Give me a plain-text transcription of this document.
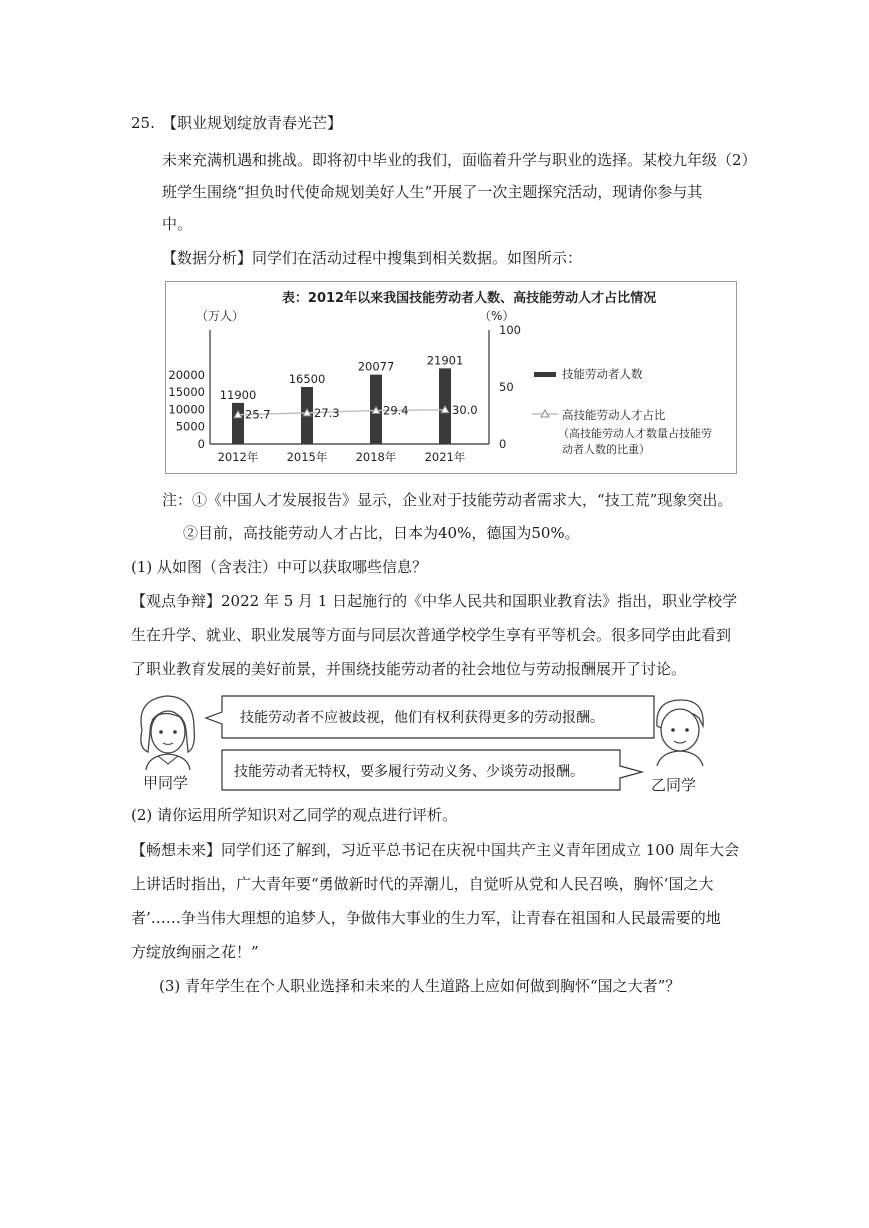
25. 【职业规划绽放青春光芒】
未来充满机遇和挑战。即将初中毕业的我们，面临着升学与职业的选择。某校九年级（2）
班学生围绕“担负时代使命规划美好人生”开展了一次主题探究活动，现请你参与其
中。
【数据分析】同学们在活动过程中搜集到相关数据。如图所示：
表：2012年以来我国技能劳动者人数、高技能劳动人才占比情况
（万人）	（%）
20000
15000
10000
5000
0
100
50
0
11900
2012年
16500
2015年
20077
2018年
21901
2021年
25.7	27.3	29.4	30.0
技能劳动者人数
高技能劳动人才占比
（高技能劳动人才数量占技能劳
动者人数的比重）
注：①《中国人才发展报告》显示，企业对于技能劳动者需求大，“技工荒”现象突出。
②目前，高技能劳动人才占比，日本为40%，德国为50%。
(1) 从如图（含表注）中可以获取哪些信息？
【观点争辩】2022 年 5 月 1 日起施行的《中华人民共和国职业教育法》指出，职业学校学
生在升学、就业、职业发展等方面与同层次普通学校学生享有平等机会。很多同学由此看到
了职业教育发展的美好前景，并围绕技能劳动者的社会地位与劳动报酬展开了讨论。
甲同学
技能劳动者不应被歧视，他们有权利获得更多的劳动报酬。
技能劳动者无特权，要多履行劳动义务、少谈劳动报酬。
乙同学
(2) 请你运用所学知识对乙同学的观点进行评析。
【畅想未来】同学们还了解到，习近平总书记在庆祝中国共产主义青年团成立 100 周年大会
上讲话时指出，广大青年要“勇做新时代的弄潮儿，自觉听从党和人民召唤，胸怀‘国之大
者’……争当伟大理想的追梦人，争做伟大事业的生力军，让青春在祖国和人民最需要的地
方绽放绚丽之花！”
(3) 青年学生在个人职业选择和未来的人生道路上应如何做到胸怀“国之大者”？
